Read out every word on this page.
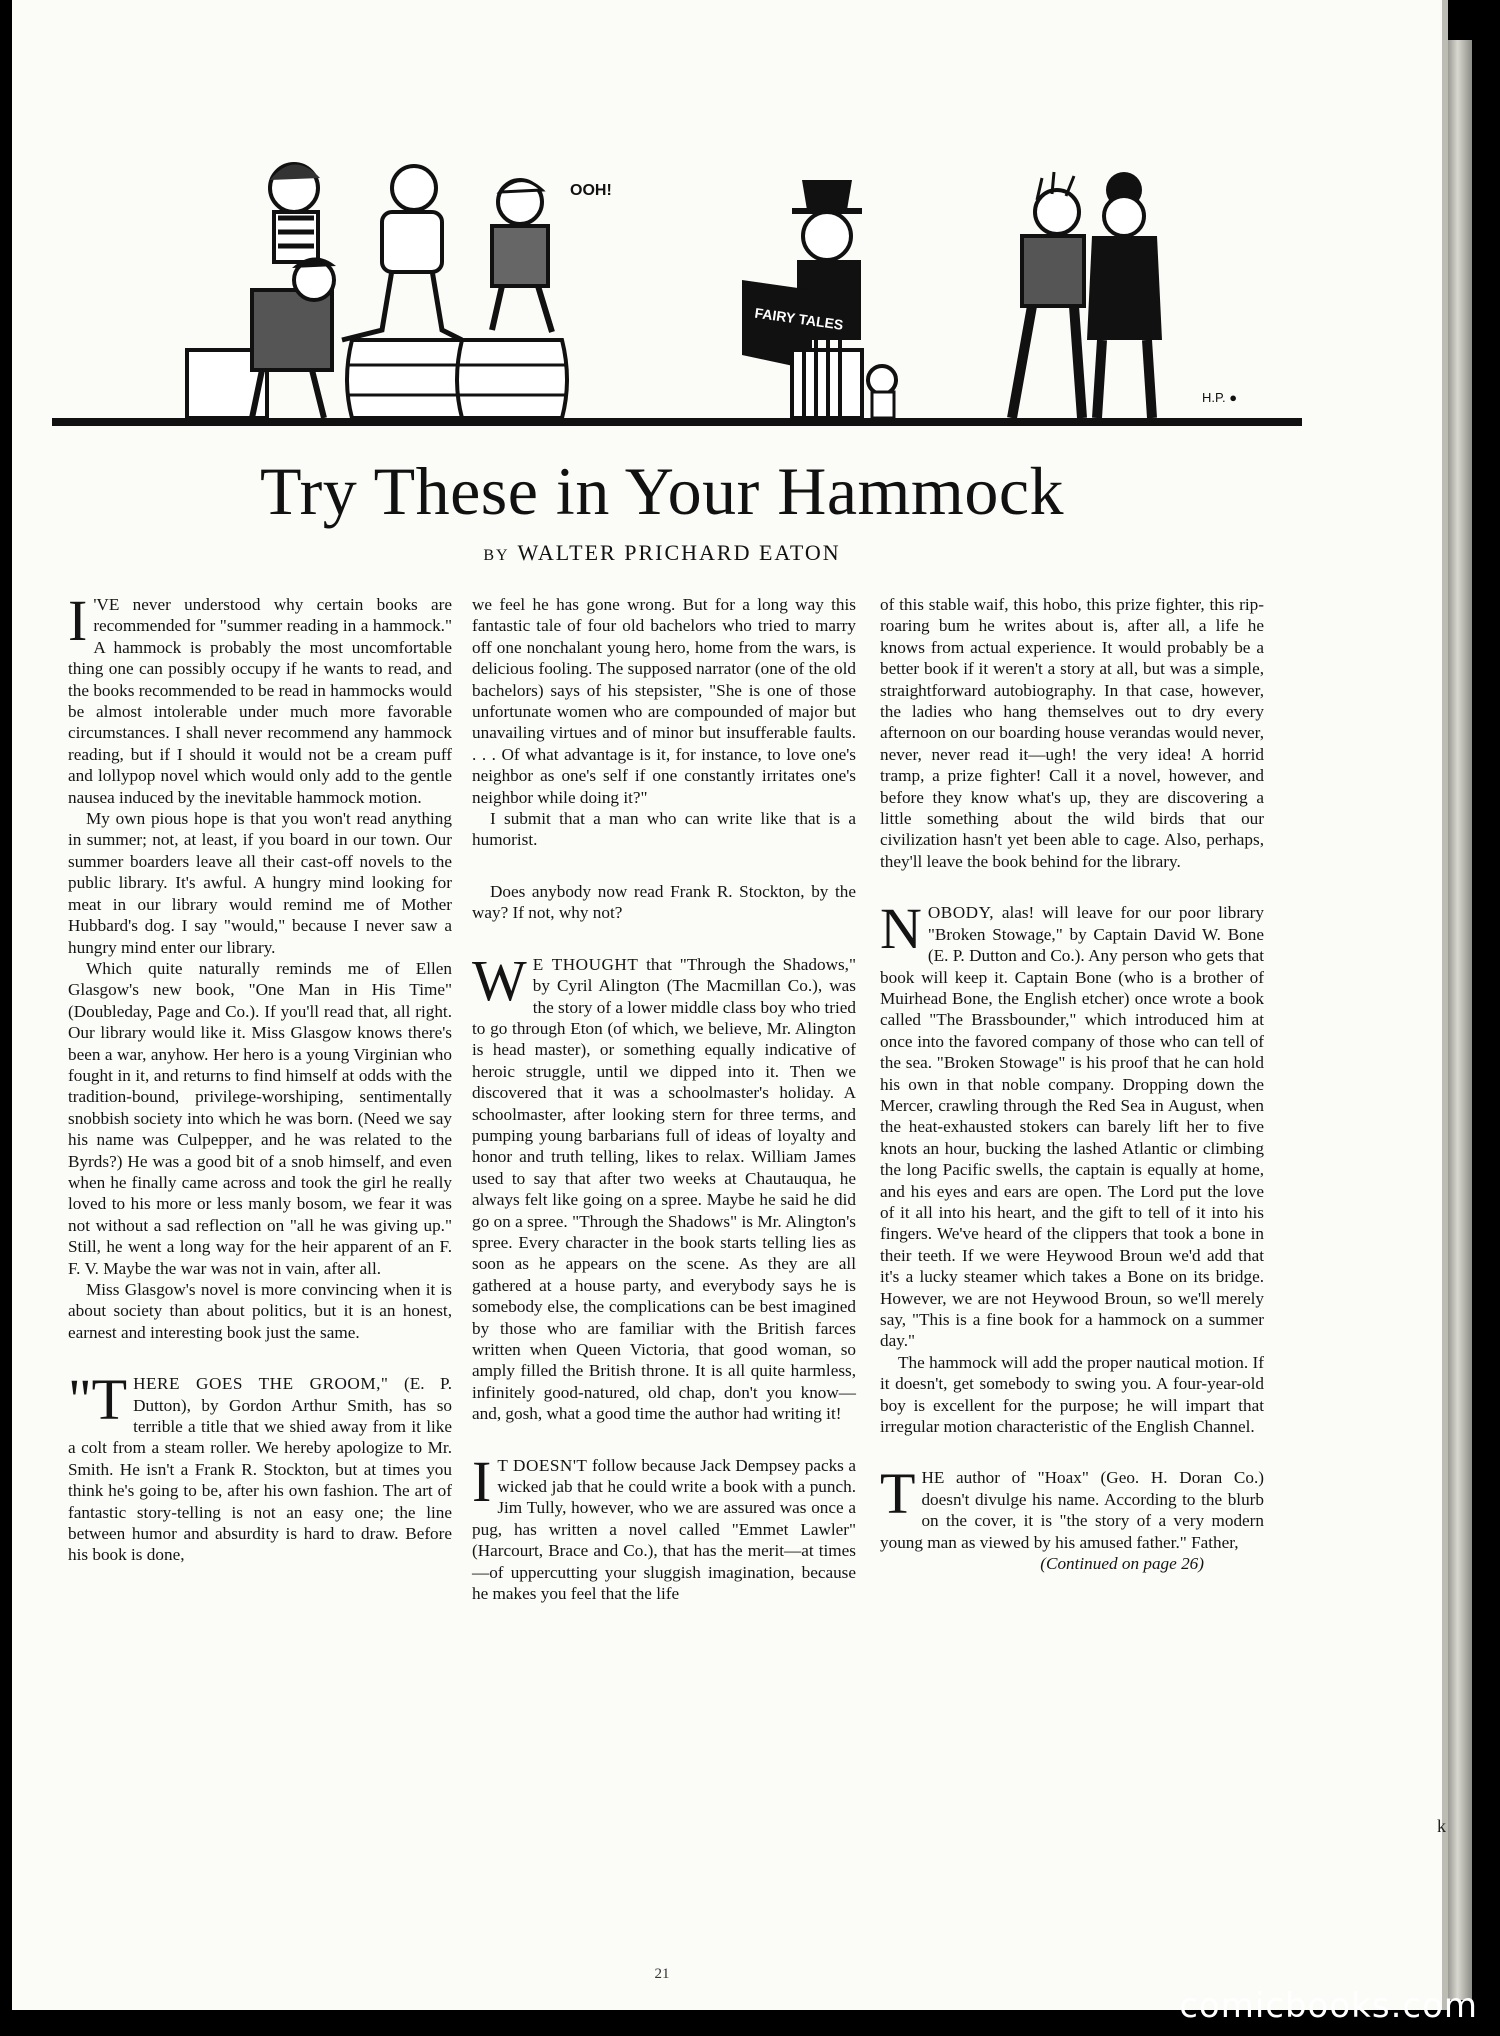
OOH!
FAIRY TALES
H.P. ●
Try These in Your Hammock
BY WALTER PRICHARD EATON

I 'VE never understood why certain books are recommended for "summer reading in a hammock." A hammock is probably the most uncomfortable thing one can possibly occupy if he wants to read, and the books recommended to be read in hammocks would be almost intolerable under much more favorable circumstances. I shall never recommend any hammock reading, but if I should it would not be a cream puff and lollypop novel which would only add to the gentle nausea induced by the inevitable hammock motion.

My own pious hope is that you won't read anything in summer; not, at least, if you board in our town. Our summer boarders leave all their cast-off novels to the public library. It's awful. A hungry mind looking for meat in our library would remind me of Mother Hubbard's dog. I say "would," because I never saw a hungry mind enter our library.

Which quite naturally reminds me of Ellen Glasgow's new book, "One Man in His Time" (Doubleday, Page and Co.). If you'll read that, all right. Our library would like it. Miss Glasgow knows there's been a war, anyhow. Her hero is a young Virginian who fought in it, and returns to find himself at odds with the tradition-bound, privilege-worshiping, sentimentally snobbish society into which he was born. (Need we say his name was Culpepper, and he was related to the Byrds?) He was a good bit of a snob himself, and even when he finally came across and took the girl he really loved to his more or less manly bosom, we fear it was not without a sad reflection on "all he was giving up." Still, he went a long way for the heir apparent of an F. F. V. Maybe the war was not in vain, after all.

Miss Glasgow's novel is more convincing when it is about society than about politics, but it is an honest, earnest and interesting book just the same.

"THERE GOES THE GROOM," (E. P. Dutton), by Gordon Arthur Smith, has so terrible a title that we shied away from it like a colt from a steam roller. We hereby apologize to Mr. Smith. He isn't a Frank R. Stockton, but at times you think he's going to be, after his own fashion. The art of fantastic story-telling is not an easy one; the line between humor and absurdity is hard to draw. Before his book is done,

we feel he has gone wrong. But for a long way this fantastic tale of four old bachelors who tried to marry off one nonchalant young hero, home from the wars, is delicious fooling. The supposed narrator (one of the old bachelors) says of his stepsister, "She is one of those unfortunate women who are compounded of major but unavailing virtues and of minor but insufferable faults. . . . Of what advantage is it, for instance, to love one's neighbor as one's self if one constantly irritates one's neighbor while doing it?"

I submit that a man who can write like that is a humorist.

Does anybody now read Frank R. Stockton, by the way? If not, why not?

W E THOUGHT that "Through the Shadows," by Cyril Alington (The Macmillan Co.), was the story of a lower middle class boy who tried to go through Eton (of which, we believe, Mr. Alington is head master), or something equally indicative of heroic struggle, until we dipped into it. Then we discovered that it was a schoolmaster's holiday. A schoolmaster, after looking stern for three terms, and pumping young barbarians full of ideas of loyalty and honor and truth telling, likes to relax. William James used to say that after two weeks at Chautauqua, he always felt like going on a spree. Maybe he said he did go on a spree. "Through the Shadows" is Mr. Alington's spree. Every character in the book starts telling lies as soon as he appears on the scene. As they are all gathered at a house party, and everybody says he is somebody else, the complications can be best imagined by those who are familiar with the British farces written when Queen Victoria, that good woman, so amply filled the British throne. It is all quite harmless, infinitely good-natured, old chap, don't you know—and, gosh, what a good time the author had writing it!

I T DOESN'T follow because Jack Dempsey packs a wicked jab that he could write a book with a punch. Jim Tully, however, who we are assured was once a pug, has written a novel called "Emmet Lawler" (Harcourt, Brace and Co.), that has the merit—at times—of uppercutting your sluggish imagination, because he makes you feel that the life

of this stable waif, this hobo, this prize fighter, this rip-roaring bum he writes about is, after all, a life he knows from actual experience. It would probably be a better book if it weren't a story at all, but was a simple, straightforward autobiography. In that case, however, the ladies who hang themselves out to dry every afternoon on our boarding house verandas would never, never, never read it—ugh! the very idea! A horrid tramp, a prize fighter! Call it a novel, however, and before they know what's up, they are discovering a little something about the wild birds that our civilization hasn't yet been able to cage. Also, perhaps, they'll leave the book behind for the library.

NOBODY, alas! will leave for our poor library "Broken Stowage," by Captain David W. Bone (E. P. Dutton and Co.). Any person who gets that book will keep it. Captain Bone (who is a brother of Muirhead Bone, the English etcher) once wrote a book called "The Brassbounder," which introduced him at once into the favored company of those who can tell of the sea. "Broken Stowage" is his proof that he can hold his own in that noble company. Dropping down the Mercer, crawling through the Red Sea in August, when the heat-exhausted stokers can barely lift her to five knots an hour, bucking the lashed Atlantic or climbing the long Pacific swells, the captain is equally at home, and his eyes and ears are open. The Lord put the love of it all into his heart, and the gift to tell of it into his fingers. We've heard of the clippers that took a bone in their teeth. If we were Heywood Broun we'd add that it's a lucky steamer which takes a Bone on its bridge. However, we are not Heywood Broun, so we'll merely say, "This is a fine book for a hammock on a summer day."

The hammock will add the proper nautical motion. If it doesn't, get somebody to swing you. A four-year-old boy is excellent for the purpose; he will impart that irregular motion characteristic of the English Channel.

THE author of "Hoax" (Geo. H. Doran Co.) doesn't divulge his name. According to the blurb on the cover, it is "the story of a very modern young man as viewed by his amused father." Father,

(Continued on page 26)

21
k
comicbooks.com
